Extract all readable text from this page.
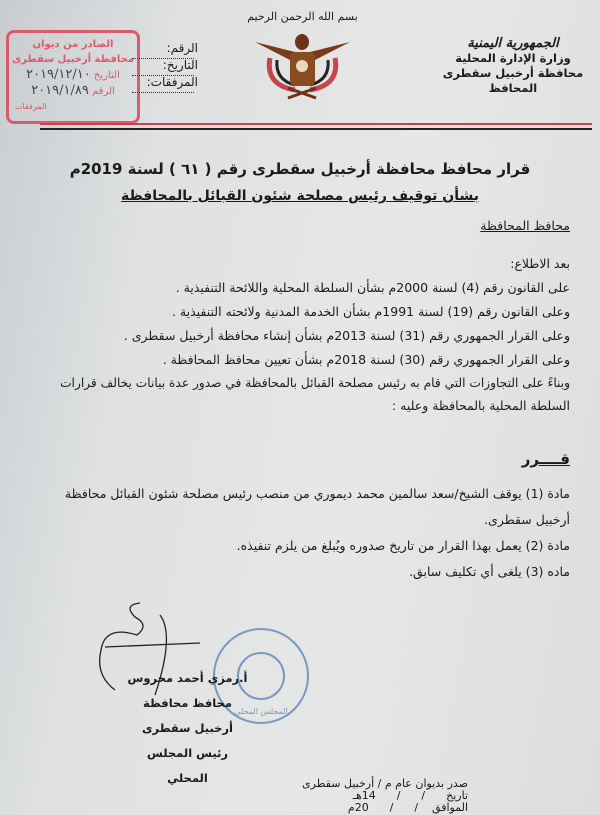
الصادر من ديوان
محافظة أرخبيل سقطرى
التاريخ ٢٠١٩/١٢/١٠
الرقم ٢٠١٩/١/٨٩
المرفقات
الرقم:
التاريخ:
المرفقات:
بسم الله الرحمن الرحيم
الجمهورية اليمنية
وزارة الإدارة المحلية
محافظة أرخبيل سقطرى
المحافظ
قرار محافظ محافظة أرخبيل سقطرى رقم ( ٦١ ) لسنة 2019م
بشأن توقيف رئيس مصلحة شئون القبائل بالمحافظة
محافظ المحافظة
بعد الاطلاع:
على القانون رقم (4) لسنة 2000م بشأن السلطة المحلية واللائحة التنفيذية .
وعلى القانون رقم (19) لسنة 1991م بشأن الخدمة المدنية ولائحته التنفيذية .
وعلى القرار الجمهوري رقم (31) لسنة 2013م بشأن إنشاء محافظة أرخبيل سقطرى .
وعلى القرار الجمهوري رقم (30) لسنة 2018م بشأن تعيين محافظ المحافظة .
وبناءً على التجاوزات التي قام به رئيس مصلحة القبائل بالمحافظة في صدور عدة بيانات يخالف قرارات
السلطة المحلية بالمحافظة وعليه :
قــــرر
مادة (1) يوقف الشيخ/سعد سالمين محمد ديموري من منصب رئيس مصلحة شئون القبائل محافظة
أرخبيل سقطرى.
مادة (2) يعمل بهذا القرار من تاريخ صدوره ويُبلغ من يلزم تنفيذه.
ماده (3) يلغى أي تكليف سابق.
المجلس المحلي
أ.رمزي أحمد محروس
محافظ محافظة أرخبيل سقطرى
رئيس المجلس المحلي	صدر بديوان عام م / أرخبيل سقطرى
تاريخ      /      /      14هـ
الموافق    /      /      20م
